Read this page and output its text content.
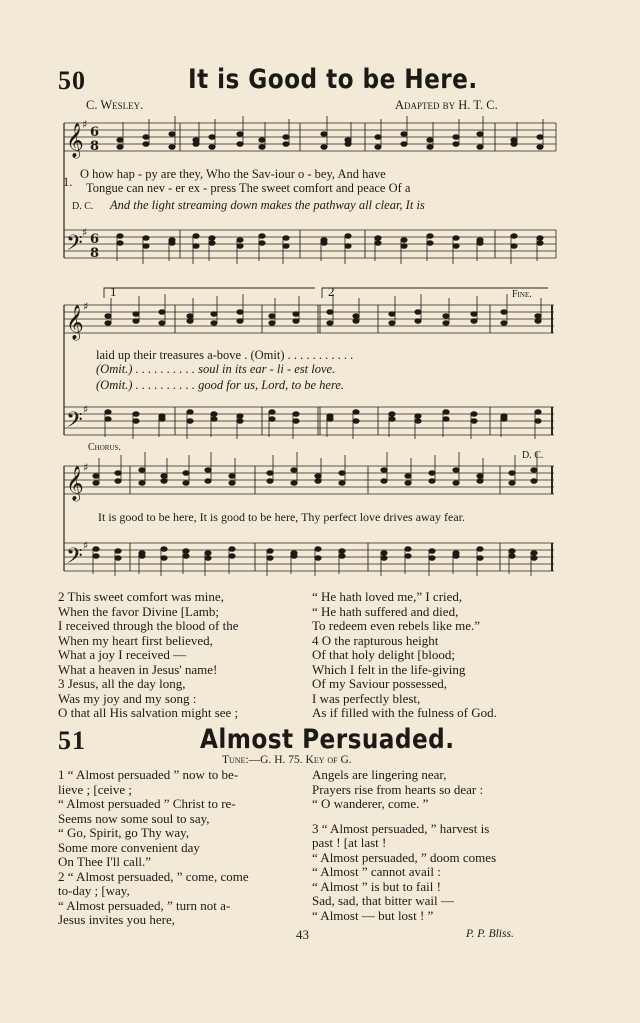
50	It is Good to be Here.
C. Wesley.	Adapted by H. T. C.
𝄞
𝄢
𝄞
𝄢
𝄞
𝄢
6
8
6
8
♯
♯
♯
♯
♯
♯
1.
O how hap - py are they, Who the Sav-iour o - bey, And have
Tongue can nev - er ex - press The sweet comfort and peace Of a
D. C. And the light streaming down makes the pathway all clear, It is
1	2	Fine.
laid up their treasures a-bove . (Omit) . . . . . . . . . . .
(Omit.) . . . . . . . . . . soul in its ear - li - est love.
(Omit.) . . . . . . . . . . good for us, Lord, to be here.
Chorus.
D. C.
It is good to be here, It is good to be here, Thy perfect love drives away fear.
2 This sweet comfort was mine,
When the favor Divine [Lamb;
I received through the blood of the
When my heart first believed,
What a joy I received —
What a heaven in Jesus' name!
3 Jesus, all the day long,
Was my joy and my song :
O that all His salvation might see ;
“ He hath loved me,” I cried,
“ He hath suffered and died,
To redeem even rebels like me.”
4 O the rapturous height
Of that holy delight [blood;
Which I felt in the life-giving
Of my Saviour possessed,
I was perfectly blest,
As if filled with the fulness of God.
51	Almost Persuaded.
Tune:—G. H. 75. Key of G.
1 “ Almost persuaded ” now to be-
lieve ; [ceive ;
“ Almost persuaded ” Christ to re-
Seems now some soul to say,
“ Go, Spirit, go Thy way,
Some more convenient day
On Thee I'll call.”
2 “ Almost persuaded, ” come, come
to-day ; [way,
“ Almost persuaded, ” turn not a-
Jesus invites you here,
Angels are lingering near,
Prayers rise from hearts so dear :
“ O wanderer, come. ”
3 “ Almost persuaded, ” harvest is
past ! [at last !
“ Almost persuaded, ” doom comes
“ Almost ” cannot avail :
“ Almost ” is but to fail !
Sad, sad, that bitter wail —
“ Almost — but lost ! ”
43	P. P. Bliss.
